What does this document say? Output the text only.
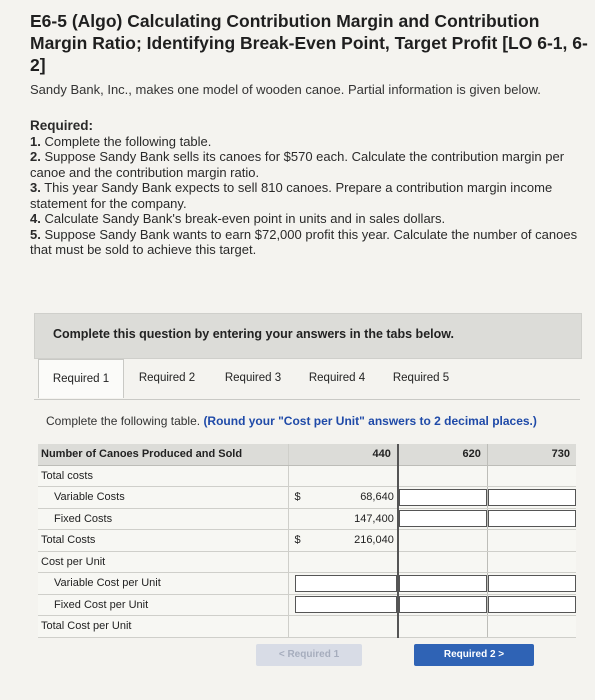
E6-5 (Algo) Calculating Contribution Margin and Contribution
Margin Ratio; Identifying Break-Even Point, Target Profit [LO 6-1, 6-2]
Sandy Bank, Inc., makes one model of wooden canoe. Partial information is given below.
Required:
1. Complete the following table.
2. Suppose Sandy Bank sells its canoes for $570 each. Calculate the contribution margin per canoe and the contribution margin ratio.
3. This year Sandy Bank expects to sell 810 canoes. Prepare a contribution margin income statement for the company.
4. Calculate Sandy Bank's break-even point in units and in sales dollars.
5. Suppose Sandy Bank wants to earn $72,000 profit this year. Calculate the number of canoes that must be sold to achieve this target.
Complete this question by entering your answers in the tabs below.
Required 1	Required 2	Required 3	Required 4	Required 5
Complete the following table. (Round your "Cost per Unit" answers to 2 decimal places.)
Number of Canoes Produced and Sold		440	620	730
Total costs				
Variable Costs	$	68,640	

Fixed Costs		147,400	

Total Costs	$	216,040		
Cost per Unit				
Variable Cost per Unit		

Fixed Cost per Unit		

Total Cost per Unit				
< Required 1	Required 2 >
